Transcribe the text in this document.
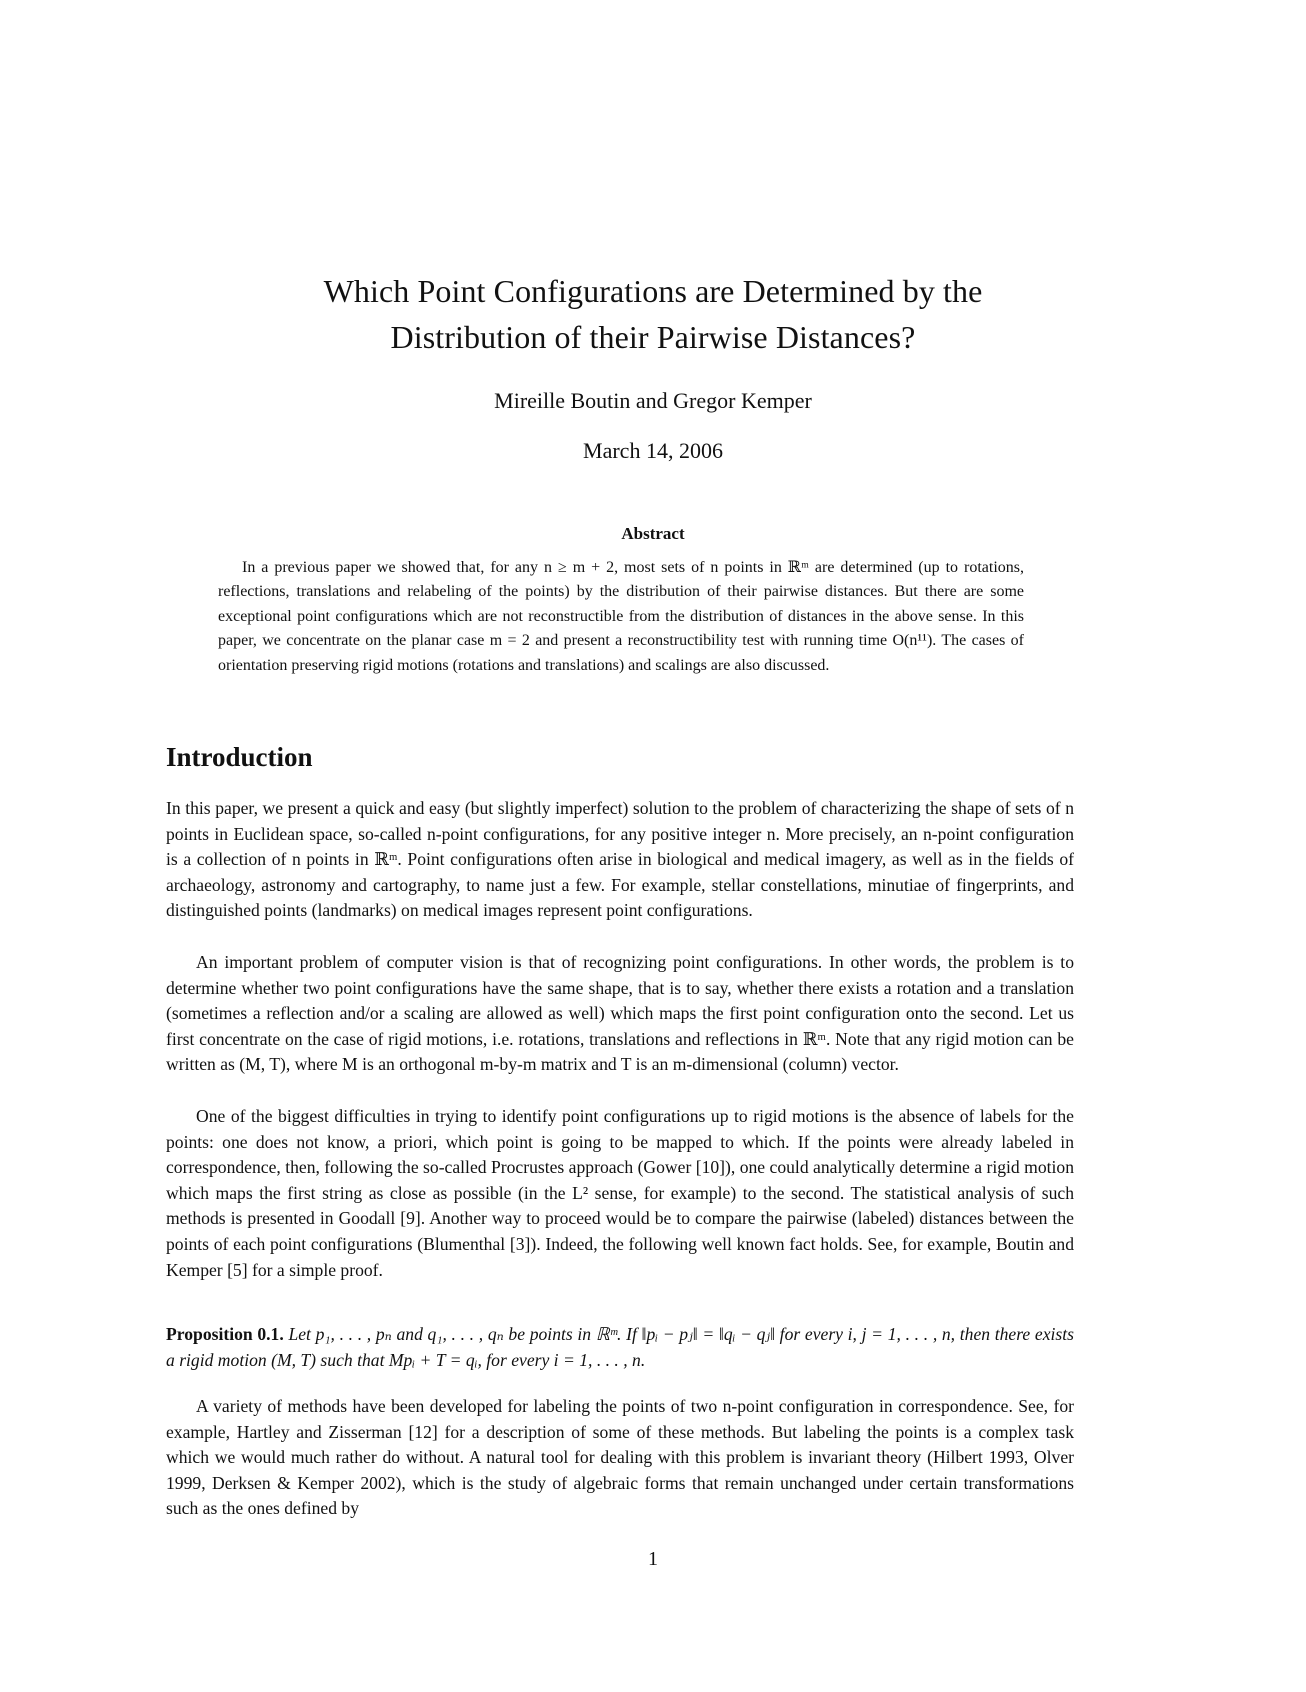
Which Point Configurations are Determined by the
Distribution of their Pairwise Distances?
Mireille Boutin and Gregor Kemper
March 14, 2006
Abstract
In a previous paper we showed that, for any n ≥ m + 2, most sets of n points in ℝᵐ are determined (up to rotations, reflections, translations and relabeling of the points) by the distribution of their pairwise distances. But there are some exceptional point configurations which are not reconstructible from the distribution of distances in the above sense. In this paper, we concentrate on the planar case m = 2 and present a reconstructibility test with running time O(n¹¹). The cases of orientation preserving rigid motions (rotations and translations) and scalings are also discussed.
Introduction

In this paper, we present a quick and easy (but slightly imperfect) solution to the problem of characterizing the shape of sets of n points in Euclidean space, so-called n-point configurations, for any positive integer n. More precisely, an n-point configuration is a collection of n points in ℝᵐ. Point configurations often arise in biological and medical imagery, as well as in the fields of archaeology, astronomy and cartography, to name just a few. For example, stellar constellations, minutiae of fingerprints, and distinguished points (landmarks) on medical images represent point configurations.

An important problem of computer vision is that of recognizing point configurations. In other words, the problem is to determine whether two point configurations have the same shape, that is to say, whether there exists a rotation and a translation (sometimes a reflection and/or a scaling are allowed as well) which maps the first point configuration onto the second. Let us first concentrate on the case of rigid motions, i.e. rotations, translations and reflections in ℝᵐ. Note that any rigid motion can be written as (M, T), where M is an orthogonal m-by-m matrix and T is an m-dimensional (column) vector.

One of the biggest difficulties in trying to identify point configurations up to rigid motions is the absence of labels for the points: one does not know, a priori, which point is going to be mapped to which. If the points were already labeled in correspondence, then, following the so-called Procrustes approach (Gower [10]), one could analytically determine a rigid motion which maps the first string as close as possible (in the L² sense, for example) to the second. The statistical analysis of such methods is presented in Goodall [9]. Another way to proceed would be to compare the pairwise (labeled) distances between the points of each point configurations (Blumenthal [3]). Indeed, the following well known fact holds. See, for example, Boutin and Kemper [5] for a simple proof.

Proposition 0.1. Let p₁, . . . , pₙ and q₁, . . . , qₙ be points in ℝᵐ. If ‖pᵢ − pⱼ‖ = ‖qᵢ − qⱼ‖ for every i, j = 1, . . . , n, then there exists a rigid motion (M, T) such that Mpᵢ + T = qᵢ, for every i = 1, . . . , n.

A variety of methods have been developed for labeling the points of two n-point configuration in correspondence. See, for example, Hartley and Zisserman [12] for a description of some of these methods. But labeling the points is a complex task which we would much rather do without. A natural tool for dealing with this problem is invariant theory (Hilbert 1993, Olver 1999, Derksen & Kemper 2002), which is the study of algebraic forms that remain unchanged under certain transformations such as the ones defined by

1
